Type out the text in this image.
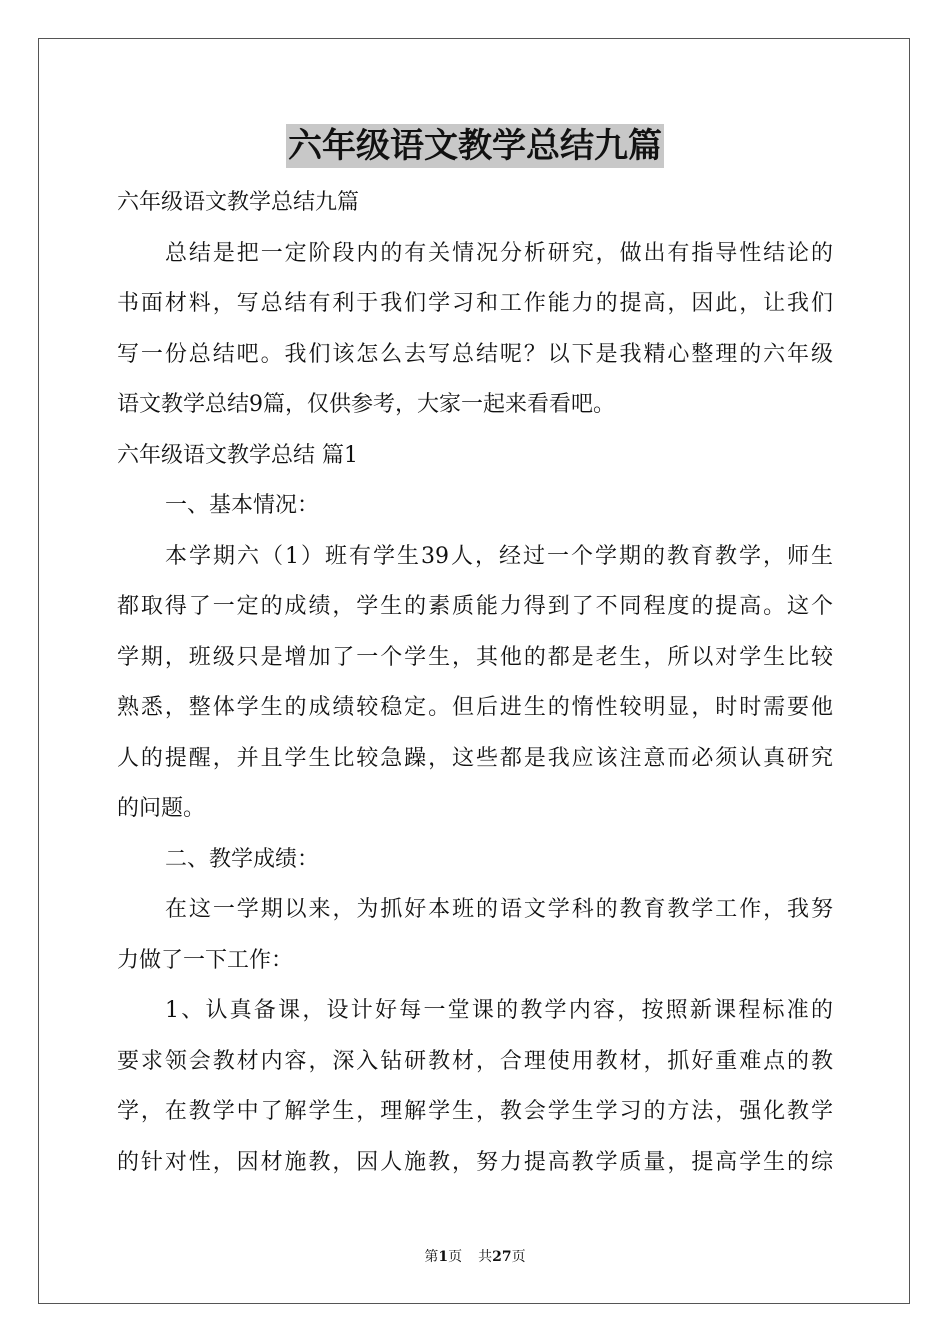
六年级语文教学总结九篇
六年级语文教学总结九篇
总结是把一定阶段内的有关情况分析研究，做出有指导性结论的
书面材料，写总结有利于我们学习和工作能力的提高，因此，让我们
写一份总结吧。我们该怎么去写总结呢？以下是我精心整理的六年级
语文教学总结9篇，仅供参考，大家一起来看看吧。
六年级语文教学总结 篇1
一、基本情况：
本学期六（1）班有学生39人，经过一个学期的教育教学，师生
都取得了一定的成绩，学生的素质能力得到了不同程度的提高。这个
学期，班级只是增加了一个学生，其他的都是老生，所以对学生比较
熟悉，整体学生的成绩较稳定。但后进生的惰性较明显，时时需要他
人的提醒，并且学生比较急躁，这些都是我应该注意而必须认真研究
的问题。
二、教学成绩：
在这一学期以来，为抓好本班的语文学科的教育教学工作，我努
力做了一下工作：
1、认真备课，设计好每一堂课的教学内容，按照新课程标准的
要求领会教材内容，深入钻研教材，合理使用教材，抓好重难点的教
学，在教学中了解学生，理解学生，教会学生学习的方法，强化教学
的针对性，因材施教，因人施教，努力提高教学质量，提高学生的综
第1页 共27页
